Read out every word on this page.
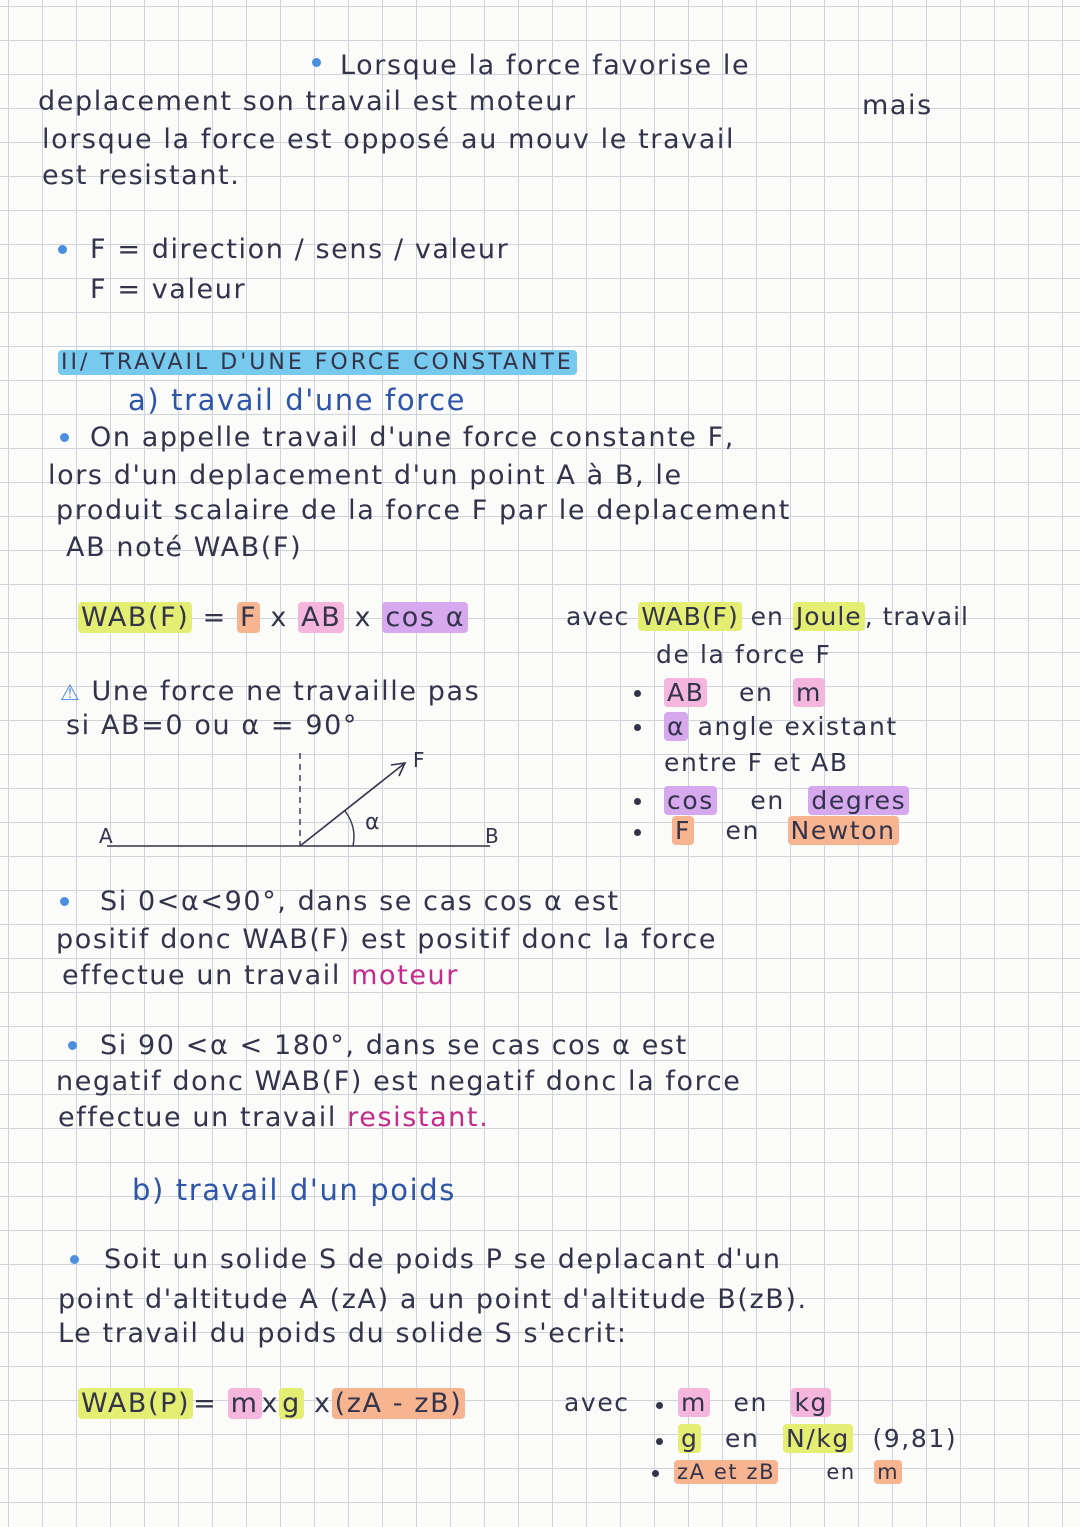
Lorsque la force favorise le
deplacement son travail est moteur	mais
lorsque la force est opposé au mouv le travail
est resistant.
F = direction / sens / valeur
F = valeur
II/ TRAVAIL D'UNE FORCE CONSTANTE
a) travail d'une force
On appelle travail d'une force constante F,
lors d'un deplacement d'un point A à B, le
produit scalaire de la force F par le deplacement
AB noté WAB(F)
WAB(F) = F x AB x cos α	avec WAB(F) en Joule , travail
de la force F
AB en m
α angle existant
entre F et AB
cos en degres
F en Newton
⚠ Une force ne travaille pas
si AB=0 ou α = 90°
A	B
F
α
Si 0<α<90°, dans se cas cos α est
positif donc WAB(F) est positif donc la force
effectue un travail moteur
Si 90 <α < 180°, dans se cas cos α est
negatif donc WAB(F) est negatif donc la force
effectue un travail resistant.
b) travail d'un poids
Soit un solide S de poids P se deplacant d'un
point d'altitude A (zA) a un point d'altitude B(zB).
Le travail du poids du solide S s'ecrit:
WAB(P) = m x g x (zA - zB)	avec m en kg
g en N/kg (9,81)
zA et zB en m
